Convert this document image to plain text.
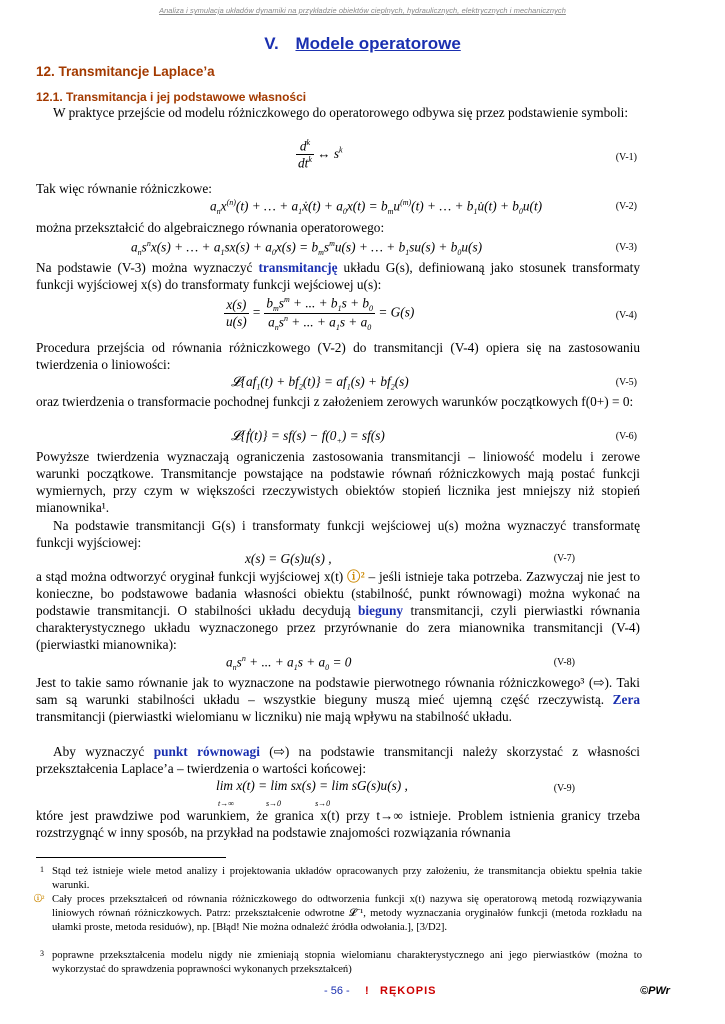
Analiza i symulacja układów dynamiki na przykładzie obiektów cieplnych, hydraulicznych, elektrycznych i mechanicznych
V. Modele operatorowe
12. Transmitancje Laplace’a
12.1. Transmitancja i jej podstawowe własności
W praktyce przejście od modelu różniczkowego do operatorowego odbywa się przez podstawienie symboli:
$\frac{d^k}{dt^k}$ ↔ $s^k$
(V-1)
Tak więc równanie różniczkowe:
$a_nx^{(n)}(t)$ + … + $a_1ẋ(t) + a_0x(t) = b_mu^{(m)}(t)$ + … + $b_1u̇(t) + b_0u(t)$	(V-2)
można przekształcić do algebraicznego równania operatorowego:
$a_ns^nx(s)$ + … + $a_1sx(s) + a_0x(s) = b_ms^mu(s)$ + … + $b_1su(s) + b_0u(s)$	(V-3)
Na podstawie (V-3) można wyznaczyć transmitancję układu G(s), definiowaną jako stosunek transformaty funkcji wyjściowej x(s) do transformaty funkcji wejściowej u(s):
$\frac{x(s)}{u(s)} = \frac{b_ms^m + ... + b_1s + b_0}{a_ns^n + ... + a_1s + a_0} = G(s)$	(V-4)
Procedura przejścia od równania różniczkowego (V-2) do transmitancji (V-4) opiera się na zastosowaniu twierdzenia o liniowości:
$𝓛\{af_1(t) + bf_2(t)\} = af_1(s) + bf_2(s)$	(V-5)
oraz twierdzenia o transformacie pochodnej funkcji z założeniem zerowych warunków początkowych f(0+) = 0:
𝓛{ḟ(t)} = $sf(s) - f(0_+) = sf(s)$	(V-6)
Powyższe twierdzenia wyznaczają ograniczenia zastosowania transmitancji – liniowość modelu i zerowe warunki początkowe. Transmitancje powstające na podstawie równań różniczkowych mają postać funkcji wymiernych, przy czym w większości rzeczywistych obiektów stopień licznika jest mniejszy niż stopień mianownika¹.
Na podstawie transmitancji G(s) i transformaty funkcji wejściowej u(s) można wyznaczyć transformatę funkcji wyjściowej:
x(s) = G(s)u(s) ,	(V-7)
a stąd można odtworzyć oryginał funkcji wyjściowej x(t) ⓘ² – jeśli istnieje taka potrzeba. Zazwyczaj nie jest to konieczne, bo podstawowe badania własności obiektu (stabilność, punkt równowagi) można wykonać na podstawie transmitancji. O stabilności układu decydują bieguny transmitancji, czyli pierwiastki równania charakterystycznego układu wyznaczonego przez przyrównanie do zera mianownika transmitancji (V-4) (pierwiastki mianownika):
$a_ns^n$ + ... + $a_1s + a_0 = 0$	(V-8)
Jest to takie samo równanie jak to wyznaczone na podstawie pierwotnego równania różniczkowego³ (⇨). Taki sam są warunki stabilności układu – wszystkie bieguny muszą mieć ujemną część rzeczywistą. Zera transmitancji (pierwiastki wielomianu w liczniku) nie mają wpływu na stabilność układu.
Aby wyznaczyć punkt równowagi (⇨) na podstawie transmitancji należy skorzystać z własności przekształcenia Laplace’a – twierdzenia o wartości końcowej:
lim x(t) = lim sx(s) = lim sG(s)u(s) ,
t→∞	s→0	s→0
(V-9)
które jest prawdziwe pod warunkiem, że granica x(t) przy t→∞ istnieje. Problem istnienia granicy trzeba rozstrzygnąć w inny sposób, na przykład na podstawie znajomości rozwiązania równania
1 Stąd też istnieje wiele metod analizy i projektowania układów opracowanych przy założeniu, że transmitancja obiektu spełnia takie warunki.
ⓘ² Cały proces przekształceń od równania różniczkowego do odtworzenia funkcji x(t) nazywa się operatorową metodą rozwiązywania liniowych równań różniczkowych. Patrz: przekształcenie odwrotne 𝓛⁻¹, metody wyznaczania oryginałów funkcji (metoda rozkładu na ułamki proste, metoda residuów), np. [Błąd! Nie można odnaleźć źródła odwołania.], [3/D2].
3 poprawne przekształcenia modelu nigdy nie zmieniają stopnia wielomianu charakterystycznego ani jego pierwiastków (można to wykorzystać do sprawdzenia poprawności wykonanych przekształceń)
- 56 - ! RĘKOPIS	©PWr
